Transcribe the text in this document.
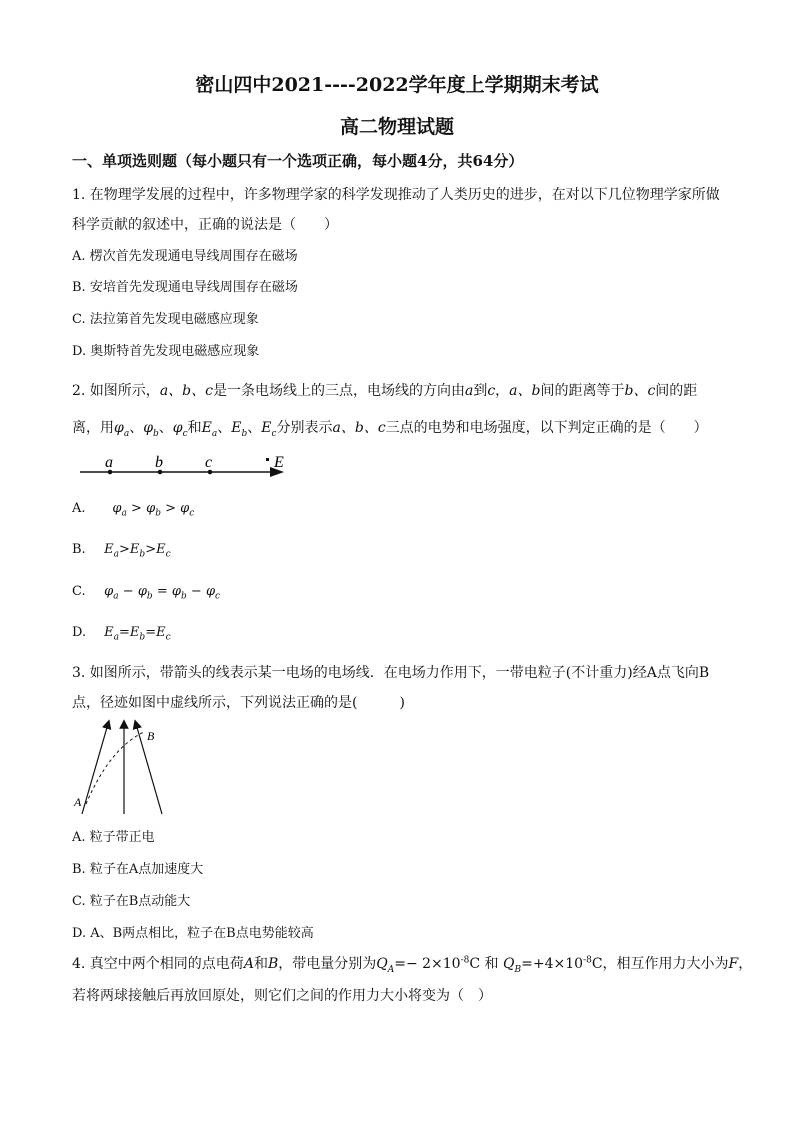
密山四中2021----2022学年度上学期期末考试
高二物理试题
一、单项选则题（每小题只有一个选项正确，每小题4分，共64分）
1. 在物理学发展的过程中，许多物理学家的科学发现推动了人类历史的进步，在对以下几位物理学家所做
科学贡献的叙述中，正确的说法是（　　）
A. 楞次首先发现通电导线周围存在磁场
B. 安培首先发现通电导线周围存在磁场
C. 法拉第首先发现电磁感应现象
D. 奥斯特首先发现电磁感应现象
2. 如图所示，a、b、c是一条电场线上的三点，电场线的方向由a到c，a、b间的距离等于b、c间的距
离，用$\varphi_a$、$\varphi_b$、$\varphi_c$和$E_a$、$E_b$、$E_c$分别表示a、b、c三点的电势和电场强度，以下判定正确的是（　　）
a	b	c	E
A. $\varphi_a > \varphi_b > \varphi_c$
B. $E_a>E_b>E_c$
C. $\varphi_a - \varphi_b = \varphi_b - \varphi_c$
D. $E_a=E_b=E_c$
3. 如图所示，带箭头的线表示某一电场的电场线．在电场力作用下，一带电粒子(不计重力)经A点飞向B
点，径迹如图中虚线所示，下列说法正确的是(　　　)
A
B
A. 粒子带正电
B. 粒子在A点加速度大
C. 粒子在B点动能大
D. A、B两点相比，粒子在B点电势能较高
4. 真空中两个相同的点电荷A和B，带电量分别为$Q_A=- 2\times 10^{-8}C$ 和 $Q_B=+4\times 10^{-8}C$，相互作用力大小为F，
若将两球接触后再放回原处，则它们之间的作用力大小将变为（　）
